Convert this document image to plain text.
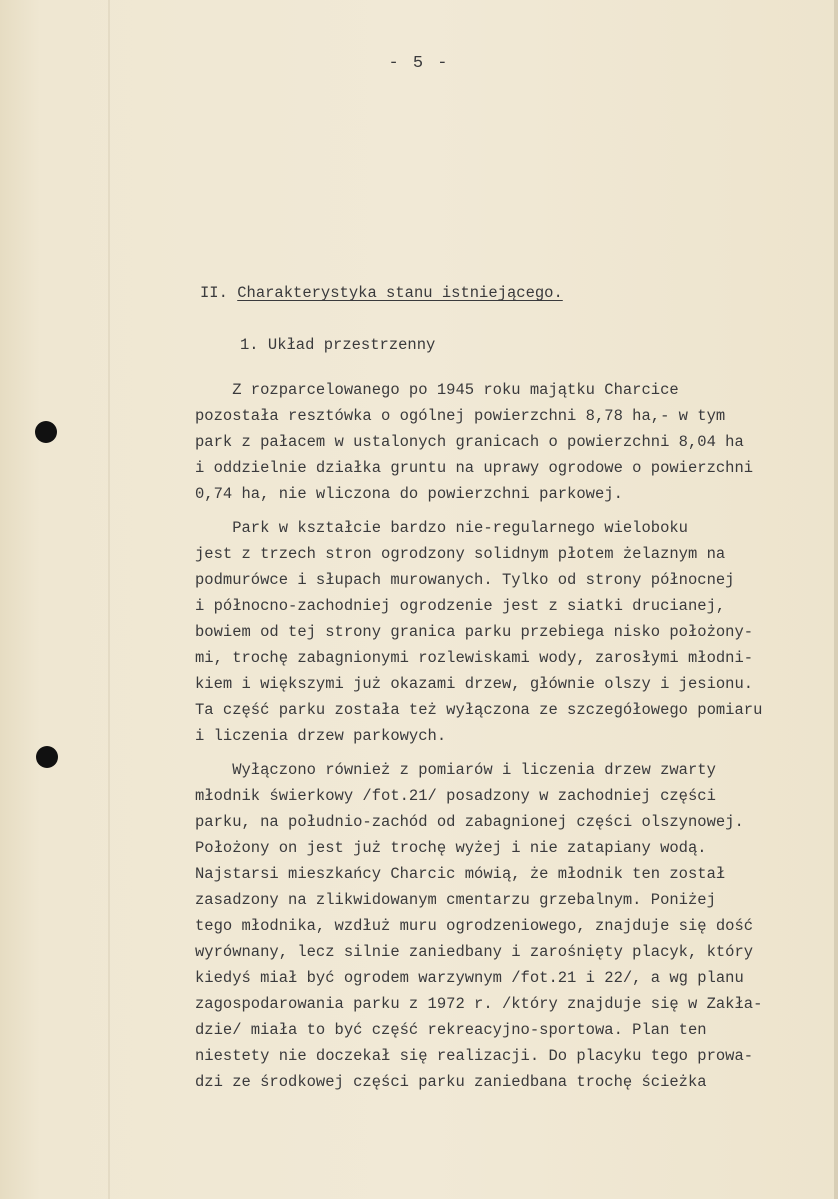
- 5 -
II. Charakterystyka stanu istniejącego.
1. Układ przestrzenny
Z rozparcelowanego po 1945 roku majątku Charcice
pozostała resztówka o ogólnej powierzchni 8,78 ha,- w tym
park z pałacem w ustalonych granicach o powierzchni 8,04 ha
i oddzielnie działka gruntu na uprawy ogrodowe o powierzchni
0,74 ha, nie wliczona do powierzchni parkowej.
Park w kształcie bardzo nie-regularnego wieloboku
jest z trzech stron ogrodzony solidnym płotem żelaznym na
podmurówce i słupach murowanych. Tylko od strony północnej
i północno-zachodniej ogrodzenie jest z siatki drucianej,
bowiem od tej strony granica parku przebiega nisko położony-
mi, trochę zabagnionymi rozlewiskami wody, zarosłymi młodni-
kiem i większymi już okazami drzew, głównie olszy i jesionu.
Ta część parku została też wyłączona ze szczegółowego pomiaru
i liczenia drzew parkowych.
Wyłączono również z pomiarów i liczenia drzew zwarty
młodnik świerkowy /fot.21/ posadzony w zachodniej części
parku, na południo-zachód od zabagnionej części olszynowej.
Położony on jest już trochę wyżej i nie zatapiany wodą.
Najstarsi mieszkańcy Charcic mówią, że młodnik ten został
zasadzony na zlikwidowanym cmentarzu grzebalnym. Poniżej
tego młodnika, wzdłuż muru ogrodzeniowego, znajduje się dość
wyrównany, lecz silnie zaniedbany i zarośnięty placyk, który
kiedyś miał być ogrodem warzywnym /fot.21 i 22/, a wg planu
zagospodarowania parku z 1972 r. /który znajduje się w Zakła-
dzie/ miała to być część rekreacyjno-sportowa. Plan ten
niestety nie doczekał się realizacji. Do placyku tego prowa-
dzi ze środkowej części parku zaniedbana trochę ścieżka
